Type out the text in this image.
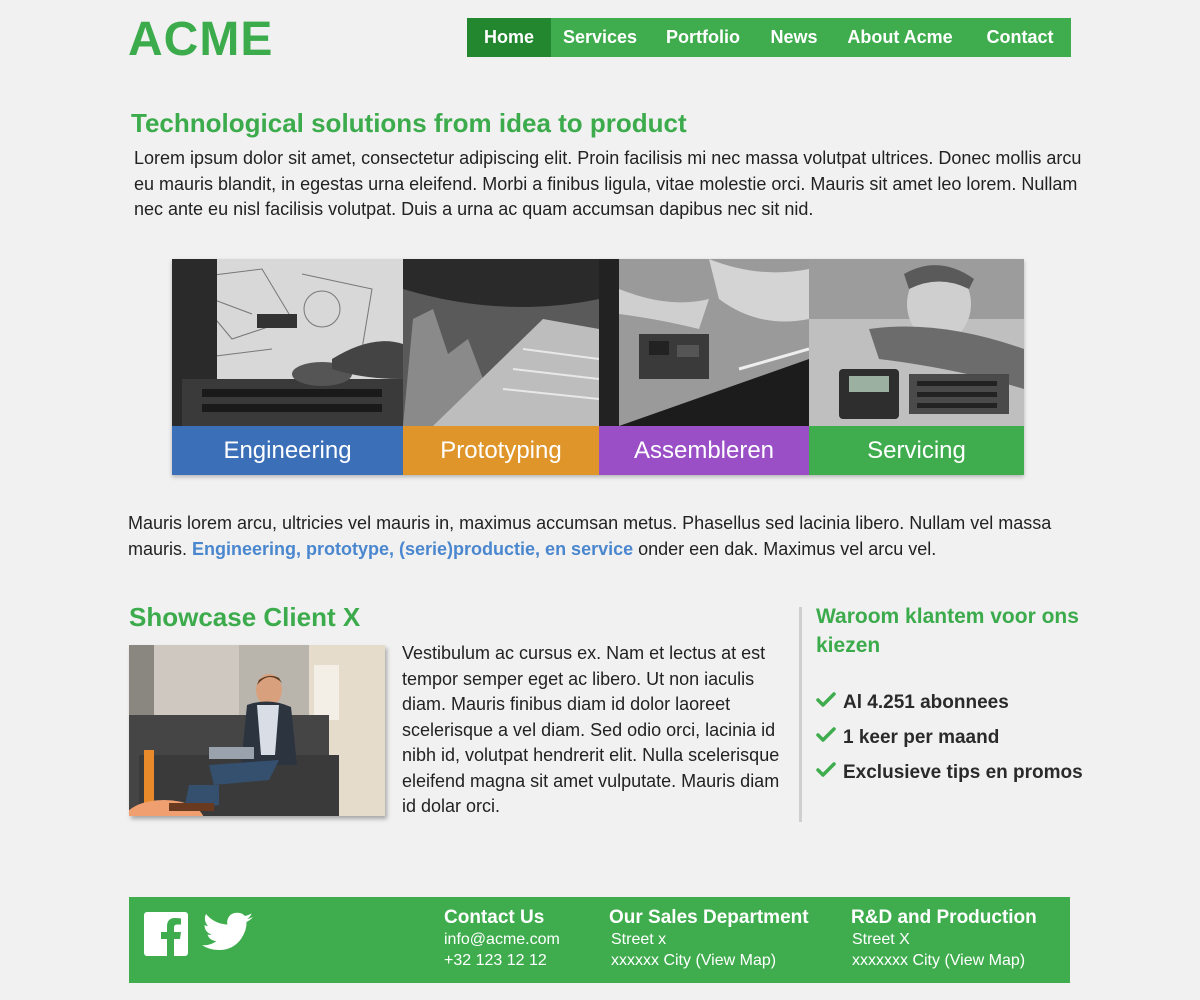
ACME	Home	Services	Portfolio	News	About Acme	Contact
Technological solutions from idea to product

Lorem ipsum dolor sit amet, consectetur adipiscing elit. Proin facilisis mi nec massa volutpat ultrices. Donec mollis arcu eu mauris blandit, in egestas urna eleifend. Morbi a finibus ligula, vitae molestie orci. Mauris sit amet leo lorem. Nullam nec ante eu nisl facilisis volutpat. Duis a urna ac quam accumsan dapibus nec sit nid.

Engineering	Prototyping	Assembleren	Servicing

Mauris lorem arcu, ultricies vel mauris in, maximus accumsan metus. Phasellus sed lacinia libero. Nullam vel massa mauris. Engineering, prototype, (serie)productie, en service onder een dak. Maximus vel arcu vel.

Showcase Client X

Vestibulum ac cursus ex. Nam et lectus at est tempor semper eget ac libero. Ut non iaculis diam. Mauris finibus diam id dolor laoreet scelerisque a vel diam. Sed odio orci, lacinia id nibh id, volutpat hendrerit elit. Nulla scelerisque eleifend magna sit amet vulputate. Mauris diam id dolar orci.

Waroom klantem voor ons kiezen
Al 4.251 abonnees
1 keer per maand
Exclusieve tips en promos
Contact Us

info@acme.com

+32 123 12 12

Our Sales Department

Street x

xxxxxx City (View Map)

R&D and Production

Street X

xxxxxxx City (View Map)
